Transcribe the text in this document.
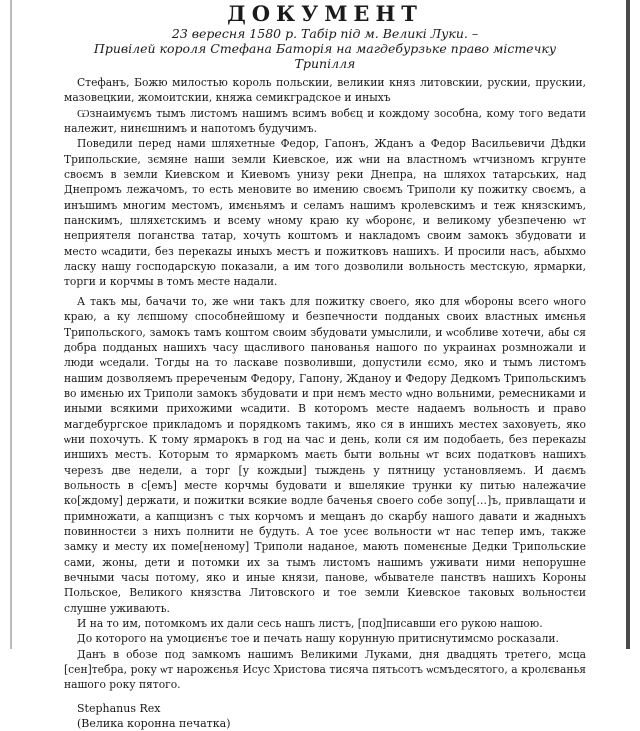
ДОКУМЕНТ

23 вересня 1580 р. Табір під м. Великі Луки. –

Привілей короля Стефана Баторія на магдебурзьке право містечку Трипілля

Стефанъ, Божю милостью король польскии, великии княз литовскии, рускии, прускии, мазовецкии, жомоитскии, княжа семикградское и иныхъ

Ѡзнаимуємъ тымъ листомъ нашимъ всимъ вобєц и кождому зособна, кому того ведати належит, нинєшнимъ и напотомъ будучимъ.

Поведили перед нами шляхетные Федор, Гапонъ, Жданъ а Федор Васильевичи Дѣдки Трипольские, зємяне наши земли Киевское, иж ѡни на властномъ ѡтчизномъ кгрунте своємъ в земли Киевском и Киевомъ унизу реки Днепра, на шляхох татарських, над Днепромъ лежачомъ, то есть меновите во имению своємъ Триполи ку пожитку своємъ, а инъшимъ многим местомъ, имєньямъ и селамъ нашимъ кролевскимъ и теж князскимъ, панскимъ, шляхєтскимъ и всему ѡному краю ку ѡборонє, и великому убезпеченю ѡт неприятеля поганства татар, хочуть коштомъ и накладомъ своим замокъ збудовати и место ѡсадити, без перекazы иныхъ местъ и пожитковъ нашихъ. И просили насъ, абыхмо ласку нашу господарскую показали, а им того дозволили вольность местскую, ярмарки, торги и корчмы в томъ месте надали.

А такъ мы, бачачи то, же ѡни такъ для пожитку своего, яко для ѡбороны всего ѡного краю, а ку лєпшому способнейшому и безпечности подданых своих властных имєнья Трипольского, замокъ тамъ коштом своим збудовати умыслили, и ѡсобливе хотечи, абы ся добра подданых нашихъ часу щасливого панованья нашого по украинах розмножали и люди ѡседали. Тогды на то ласкаве позволивши, допустили єсмо, яко и тымъ листомъ нашим дозволяемъ пререченым Федору, Гапону, Жданоу и Федору Дедкомъ Трипольскимъ во имєнью их Триполи замокъ збудовати и при нємъ место ѡдно вольними, ремесниками и иными всякими прихожими ѡсадити. В которомъ месте надаемъ вольность и право магдебургское прикладомъ и порядкомъ такимъ, яко ся в иншихъ местех заховуеть, яко ѡни похочуть. К тому ярмарокъ в год на час и день, коли ся им подобаеть, без перекazы иншихъ местъ. Которым то ярмаркомъ маєть быти вольны ѡт всих податковъ нашихъ черезъ две недели, а торг [у кождыи] тыждень у пятницу установляемъ. И даємъ вольность в с[емъ] месте корчмы будовати и вшелякие трунки ку питью належачие ко[ждому] держати, и пожитки всякие водле баченья своего собе зопу[…]ъ, привлащати и примножати, а капщизнъ с тых корчомъ и мещанъ до скарбу нашого давати и жадныхъ повинностєи з нихъ полнити не будуть. А тое усеє вольности ѡт нас тепер имъ, также замку и месту их поме[неному] Триполи наданое, мають поменєные Дедки Трипольские сами, жоны, дети и потомки их за тымъ листомъ нашимъ уживати ними непорушне вечными часы потому, яко и иные князи, панове, ѡбывателе панствъ нашихъ Короны Польское, Великого князства Литовского и тое земли Киевское таковых вольностєи слушне уживають.

И на то им, потомкомъ их дали сесь нашъ листъ, [под]писавши его рукою нашою.

До которого на умоциєнъє тое и печать нашу корунную притиснутимсмо росказали.

Данъ в обозе под замкомъ нашимъ Великими Луками, дня двадцять третего, мсца [сен]тебра, року ѡт нарожєнья Исус Христова тисяча пятьсотъ ѡсмъдесятого, а кролєванья нашого року пятого.

Stephanus Rex

(Велика коронна печатка)
